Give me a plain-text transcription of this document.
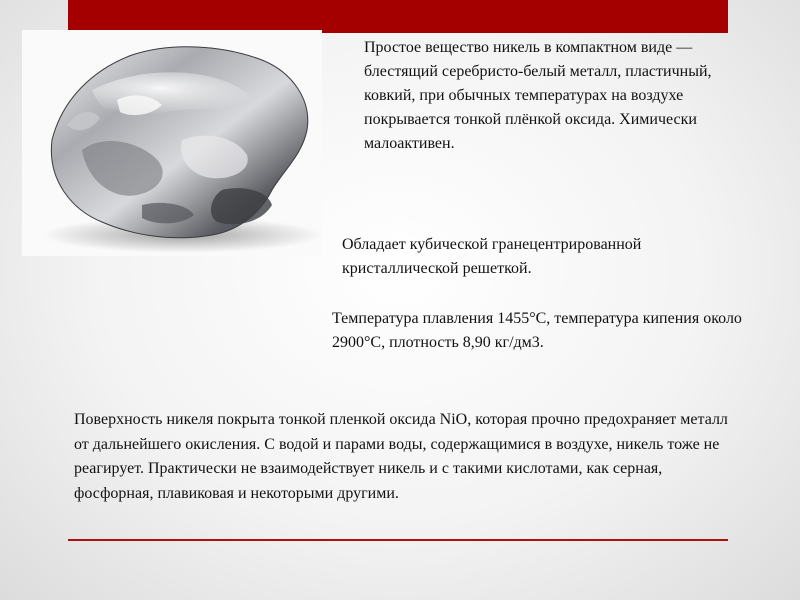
Простое вещество никель в компактном виде — блестящий серебристо-белый металл, пластичный, ковкий, при обычных температурах на воздухе покрывается тонкой плёнкой оксида. Химически малоактивен.
Обладает кубической гранецентрированной кристаллической решеткой.
Температура плавления 1455°С, температура кипения около 2900°С, плотность 8,90 кг/дм3.
Поверхность никеля покрыта тонкой пленкой оксида NiO, которая прочно предохраняет металл от дальнейшего окисления. С водой и парами воды, содержащимися в воздухе, никель тоже не реагирует. Практически не взаимодействует никель и с такими кислотами, как серная, фосфорная, плавиковая и некоторыми другими.
